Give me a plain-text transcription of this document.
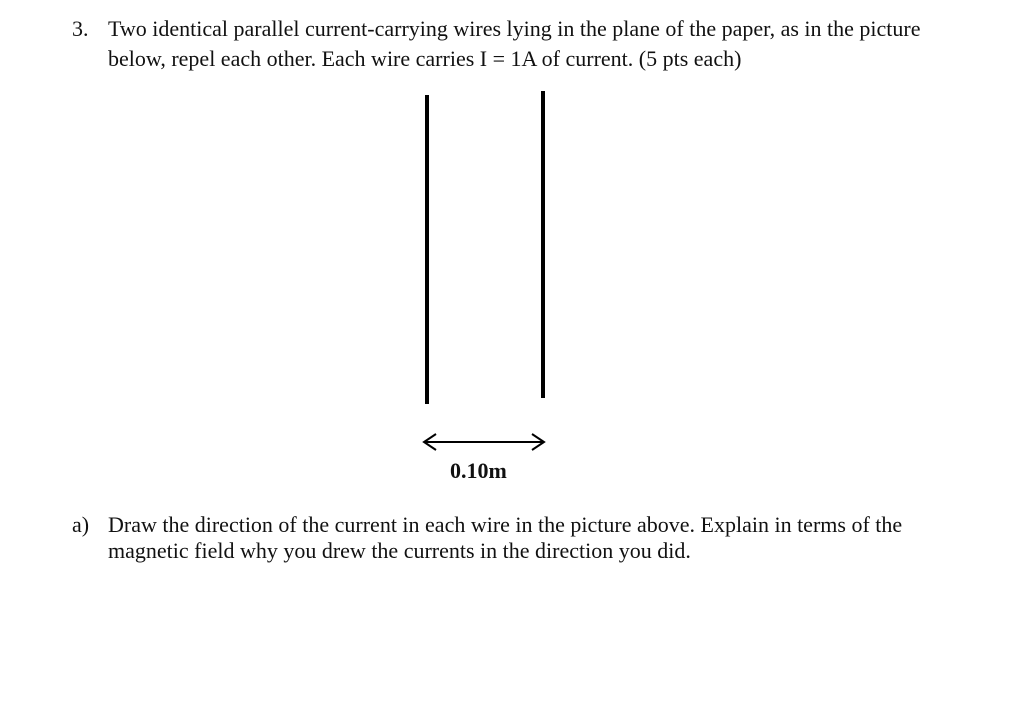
3. Two identical parallel current-carrying wires lying in the plane of the paper, as in the picture below, repel each other. Each wire carries I = 1A of current. (5 pts each)
0.10m
a) Draw the direction of the current in each wire in the picture above. Explain in terms of the magnetic field why you drew the currents in the direction you did.
